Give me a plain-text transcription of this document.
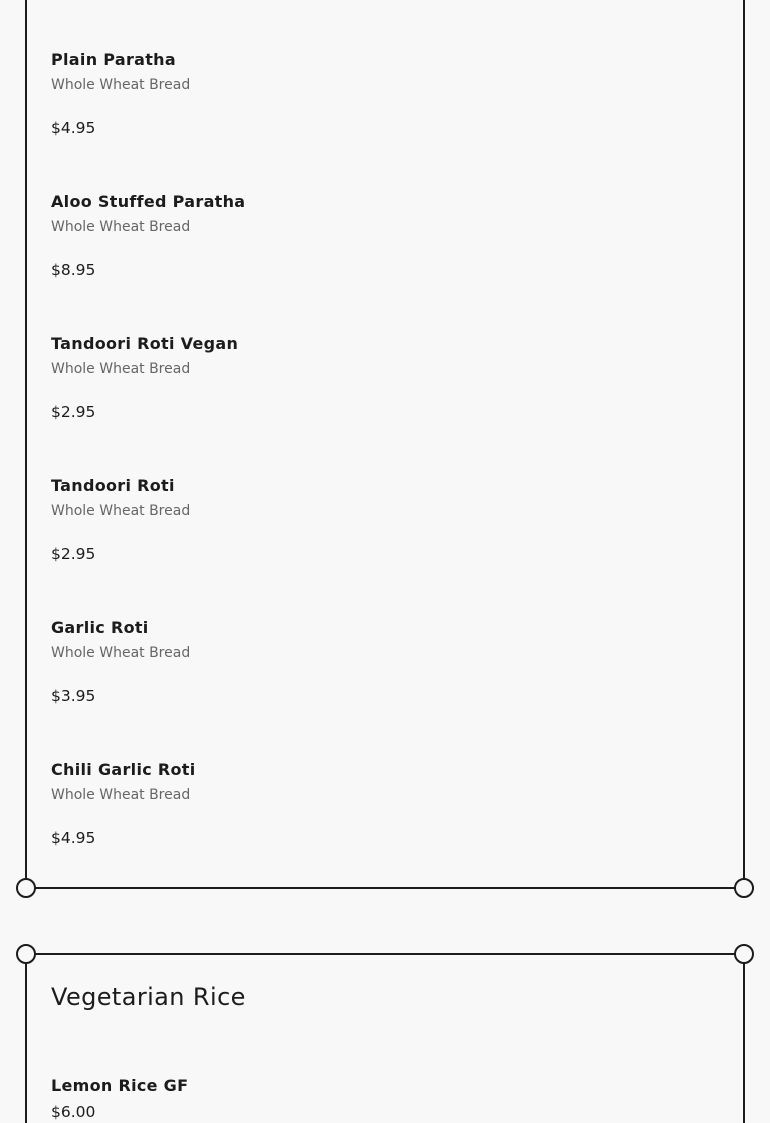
Plain Paratha

Whole Wheat Bread

$4.95

Aloo Stuffed Paratha

Whole Wheat Bread

$8.95

Tandoori Roti Vegan

Whole Wheat Bread

$2.95

Tandoori Roti

Whole Wheat Bread

$2.95

Garlic Roti

Whole Wheat Bread

$3.95

Chili Garlic Roti

Whole Wheat Bread

$4.95

Vegetarian Rice

Lemon Rice GF

$6.00
